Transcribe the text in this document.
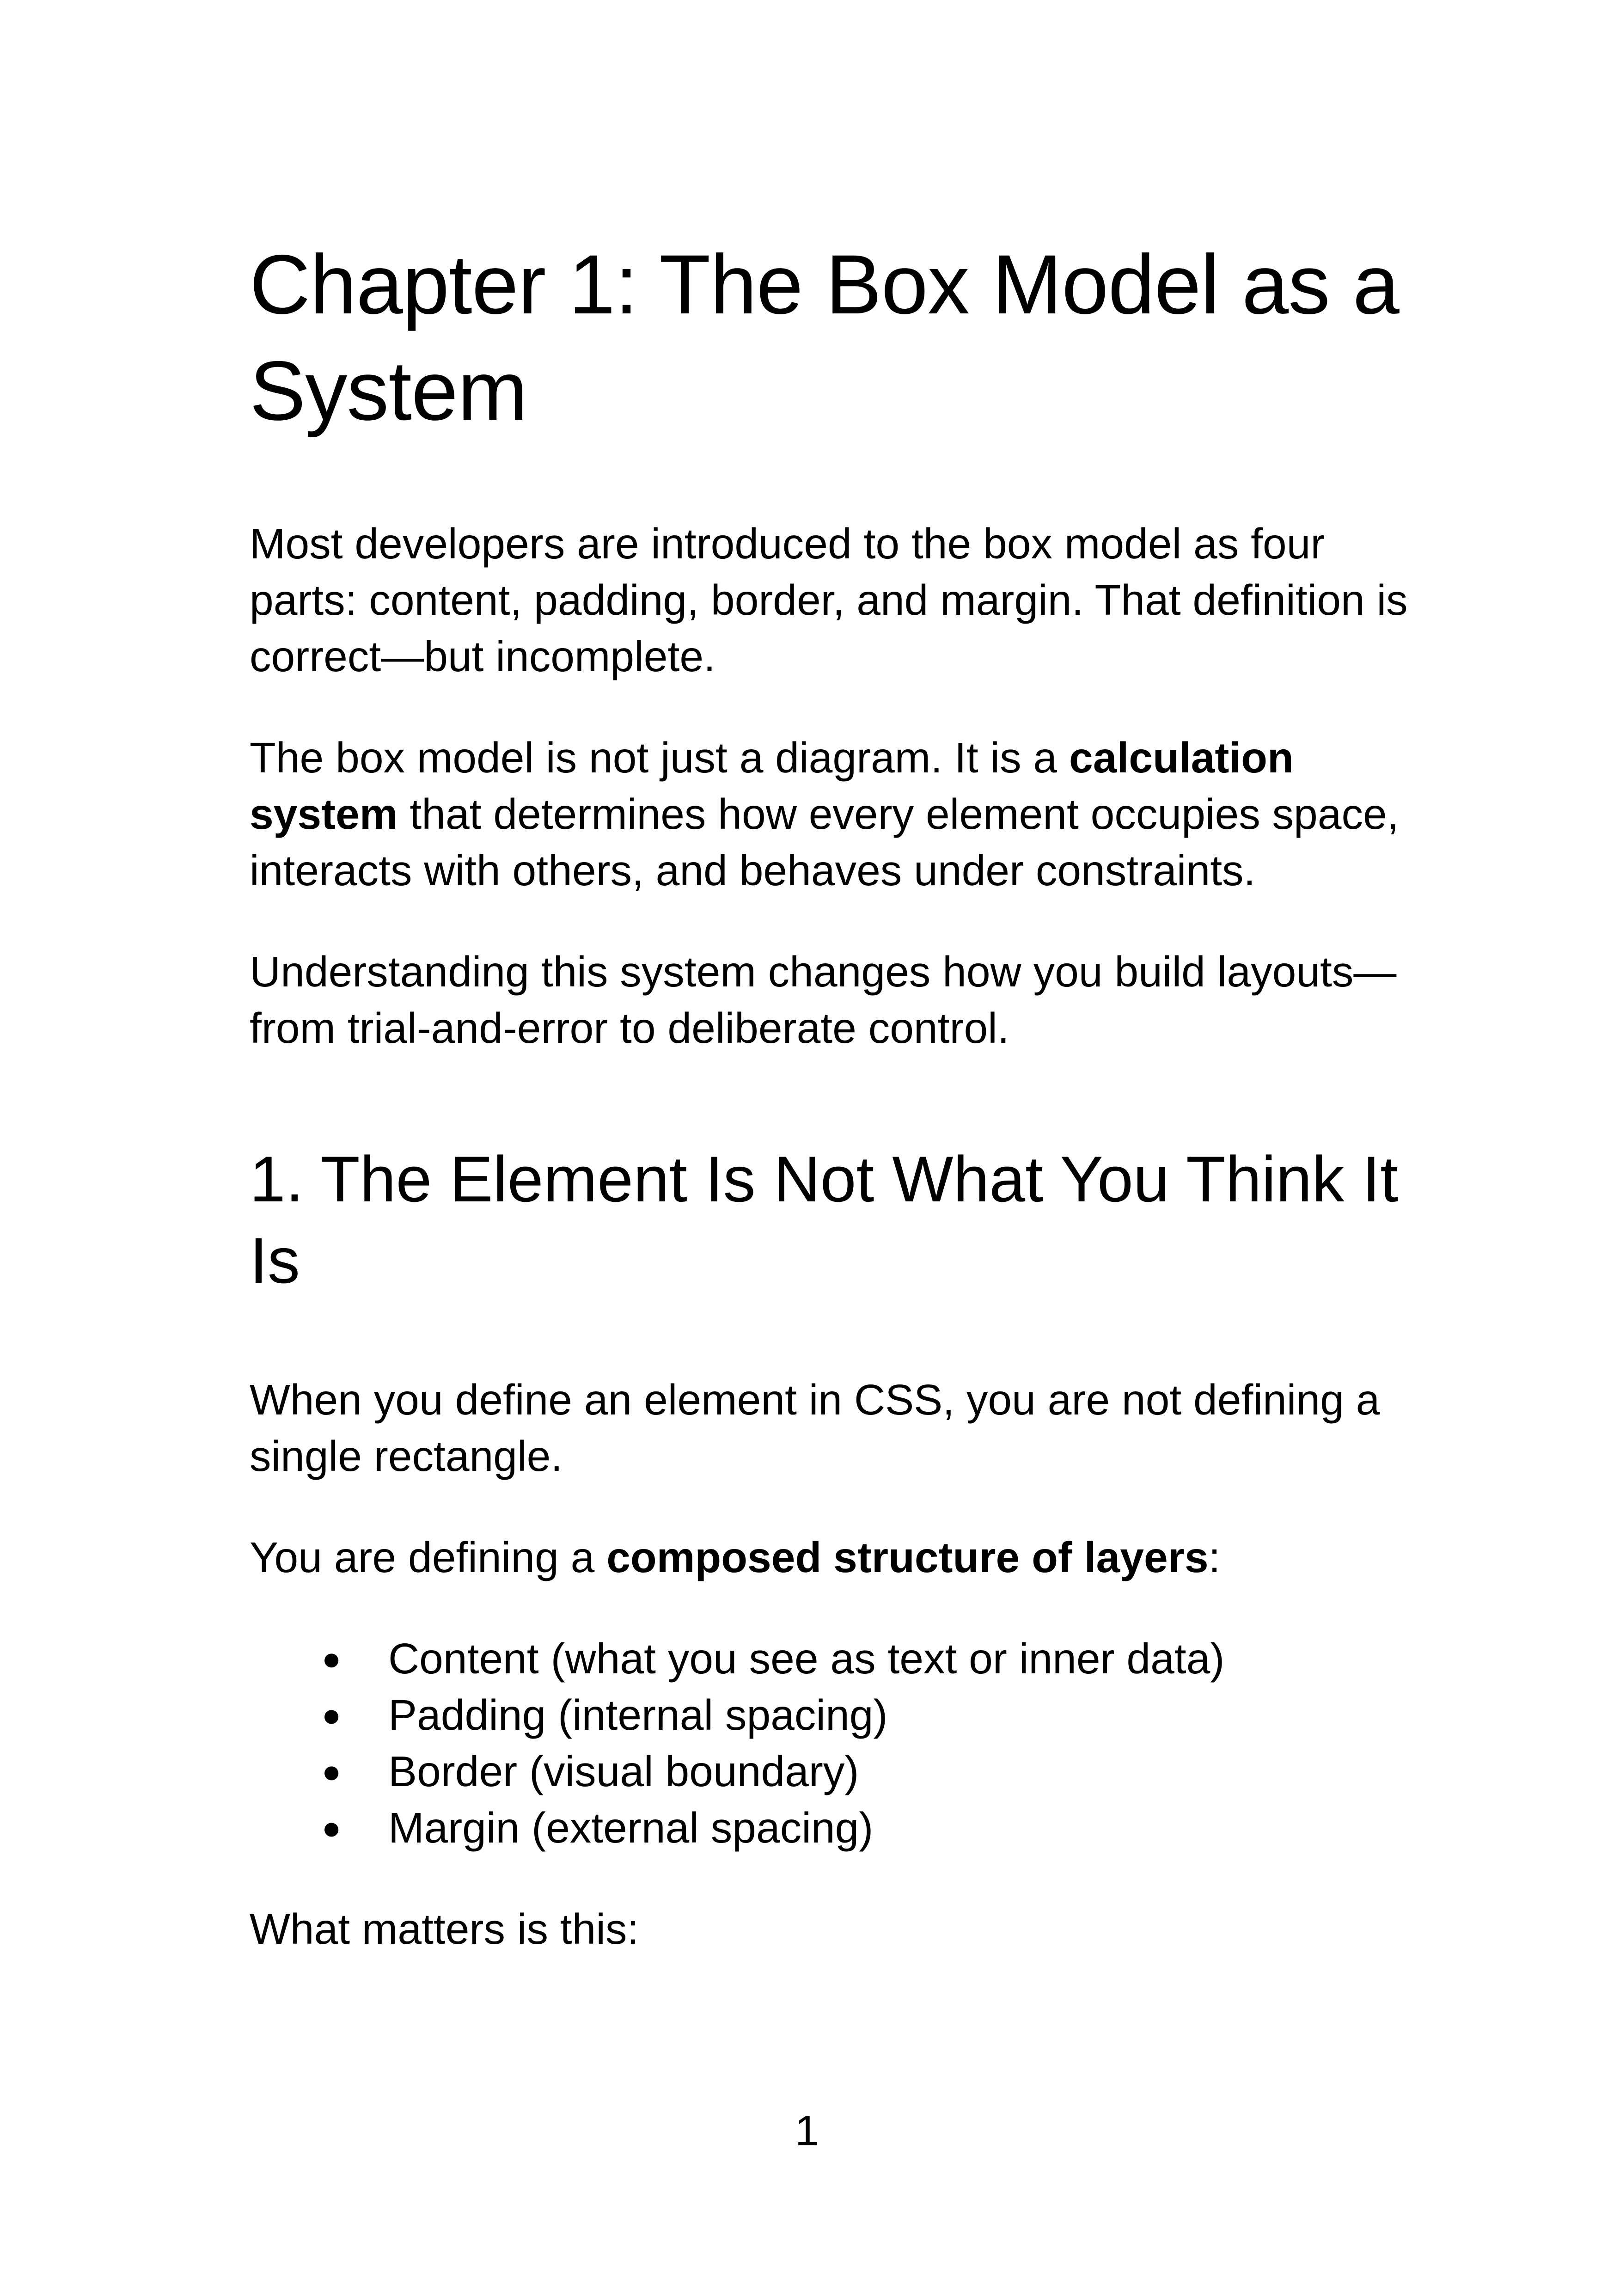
Chapter 1: The Box Model as a System

Most developers are introduced to the box model as four parts: content, padding, border, and margin. That definition is correct—but incomplete.

The box model is not just a diagram. It is a calculation system that determines how every element occupies space, interacts with others, and behaves under constraints.

Understanding this system changes how you build layouts—from trial-and-error to deliberate control.

1. The Element Is Not What You Think It Is

When you define an element in CSS, you are not defining a single rectangle.

You are defining a composed structure of layers:

● Content (what you see as text or inner data)
● Padding (internal spacing)
● Border (visual boundary)
● Margin (external spacing)

What matters is this:

1
